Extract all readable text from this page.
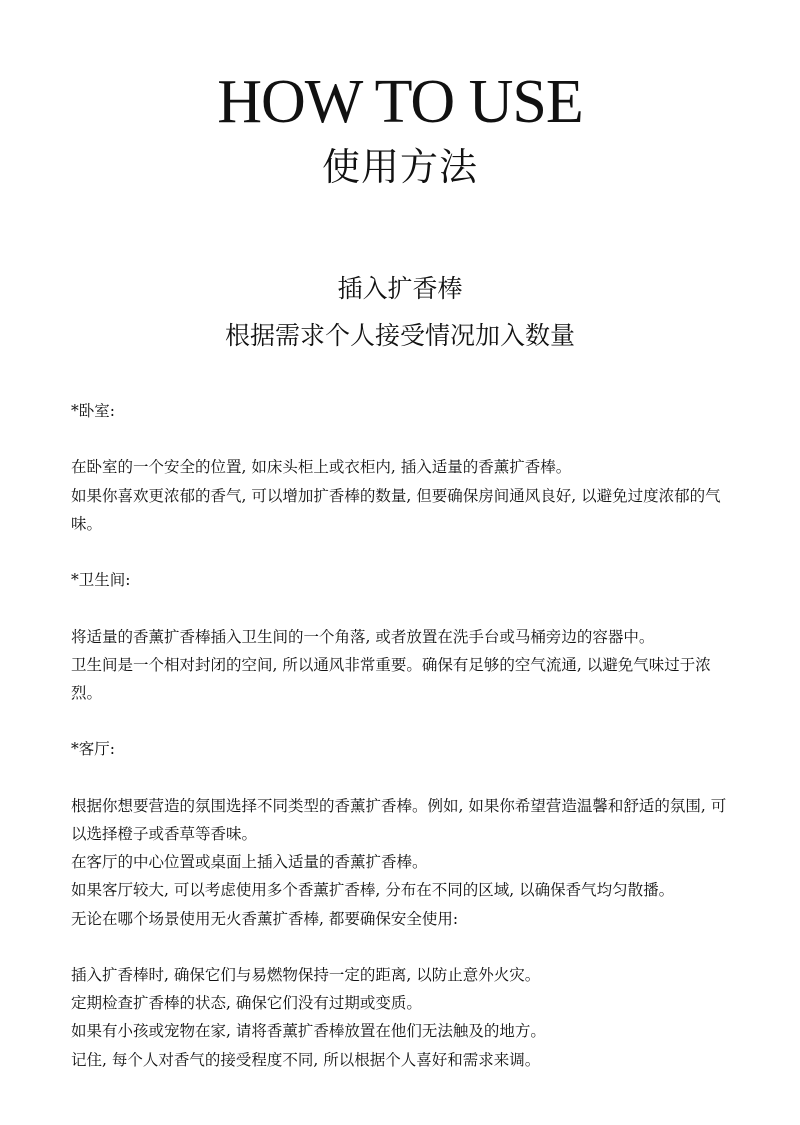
HOW TO USE
使用方法
插入扩香棒
根据需求个人接受情况加入数量

*卧室:

在卧室的一个安全的位置, 如床头柜上或衣柜内, 插入适量的香薰扩香棒。

如果你喜欢更浓郁的香气, 可以增加扩香棒的数量, 但要确保房间通风良好, 以避免过度浓郁的气味。

*卫生间:

将适量的香薰扩香棒插入卫生间的一个角落, 或者放置在洗手台或马桶旁边的容器中。

卫生间是一个相对封闭的空间, 所以通风非常重要。确保有足够的空气流通, 以避免气味过于浓烈。

*客厅:

根据你想要营造的氛围选择不同类型的香薰扩香棒。例如, 如果你希望营造温馨和舒适的氛围, 可以选择橙子或香草等香味。

在客厅的中心位置或桌面上插入适量的香薰扩香棒。

如果客厅较大, 可以考虑使用多个香薰扩香棒, 分布在不同的区域, 以确保香气均匀散播。

无论在哪个场景使用无火香薰扩香棒, 都要确保安全使用:

插入扩香棒时, 确保它们与易燃物保持一定的距离, 以防止意外火灾。

定期检查扩香棒的状态, 确保它们没有过期或变质。

如果有小孩或宠物在家, 请将香薰扩香棒放置在他们无法触及的地方。

记住, 每个人对香气的接受程度不同, 所以根据个人喜好和需求来调。
